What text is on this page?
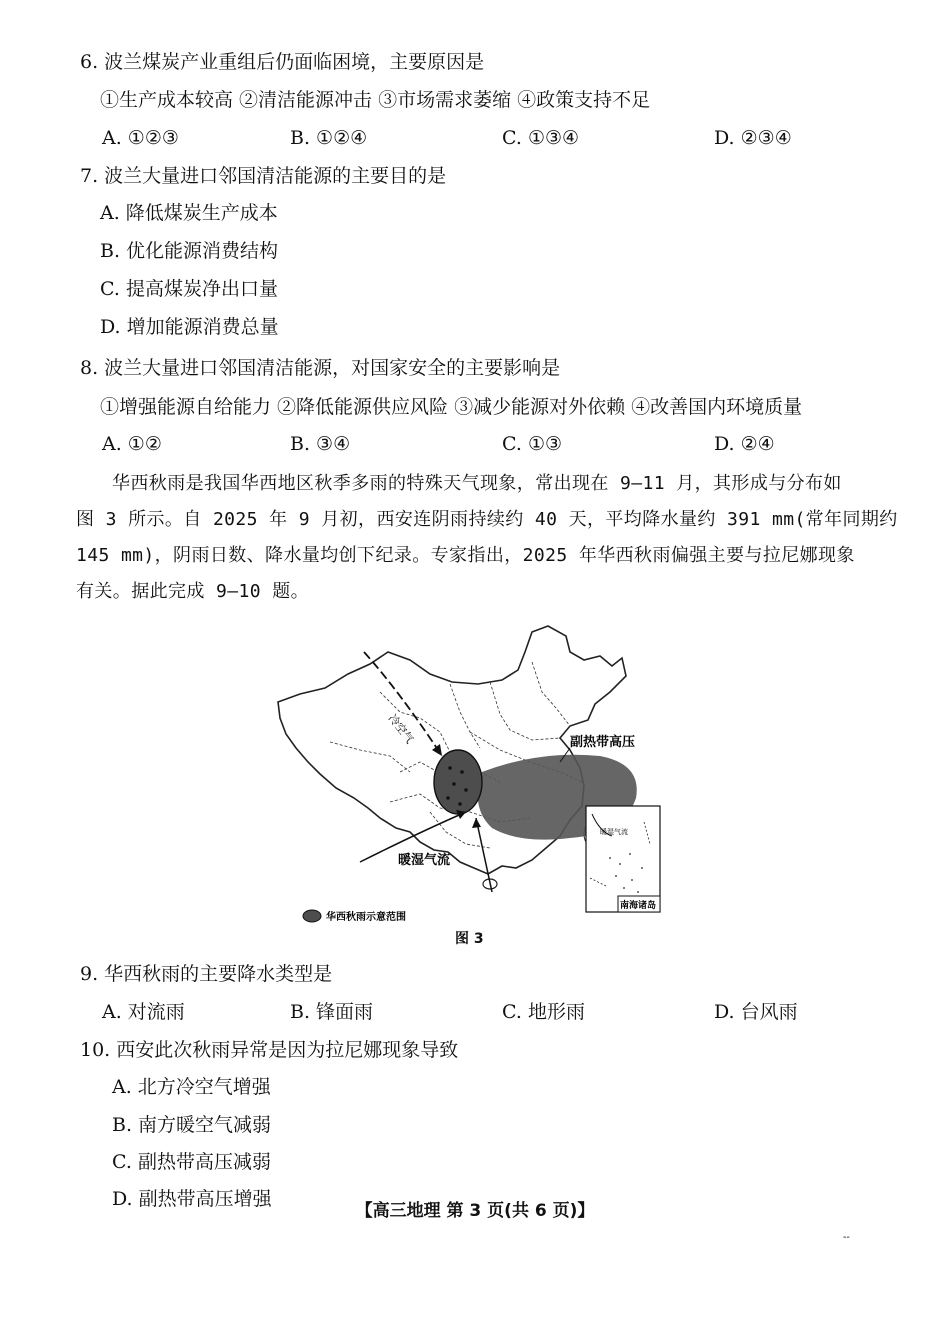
6. 波兰煤炭产业重组后仍面临困境，主要原因是
①生产成本较高 ②清洁能源冲击 ③市场需求萎缩 ④政策支持不足
A. ①②③	B. ①②④	C. ①③④	D. ②③④
7. 波兰大量进口邻国清洁能源的主要目的是
A. 降低煤炭生产成本
B. 优化能源消费结构
C. 提高煤炭净出口量
D. 增加能源消费总量
8. 波兰大量进口邻国清洁能源，对国家安全的主要影响是
①增强能源自给能力 ②降低能源供应风险 ③减少能源对外依赖 ④改善国内环境质量
A. ①②	B. ③④	C. ①③	D. ②④
华西秋雨是我国华西地区秋季多雨的特殊天气现象，常出现在 9—11 月，其形成与分布如
图 3 所示。自 2025 年 9 月初，西安连阴雨持续约 40 天，平均降水量约 391 mm(常年同期约
145 mm)，阴雨日数、降水量均创下纪录。专家指出，2025 年华西秋雨偏强主要与拉尼娜现象
有关。据此完成 9—10 题。
冷空气
暖湿气流
副热带高压
暖湿气流
南海诸岛
华西秋雨示意范围
图 3
9. 华西秋雨的主要降水类型是
A. 对流雨	B. 锋面雨	C. 地形雨	D. 台风雨
10. 西安此次秋雨异常是因为拉尼娜现象导致
A. 北方冷空气增强
B. 南方暖空气减弱
C. 副热带高压减弱
D. 副热带高压增强
【高三地理 第 3 页(共 6 页)】
--
